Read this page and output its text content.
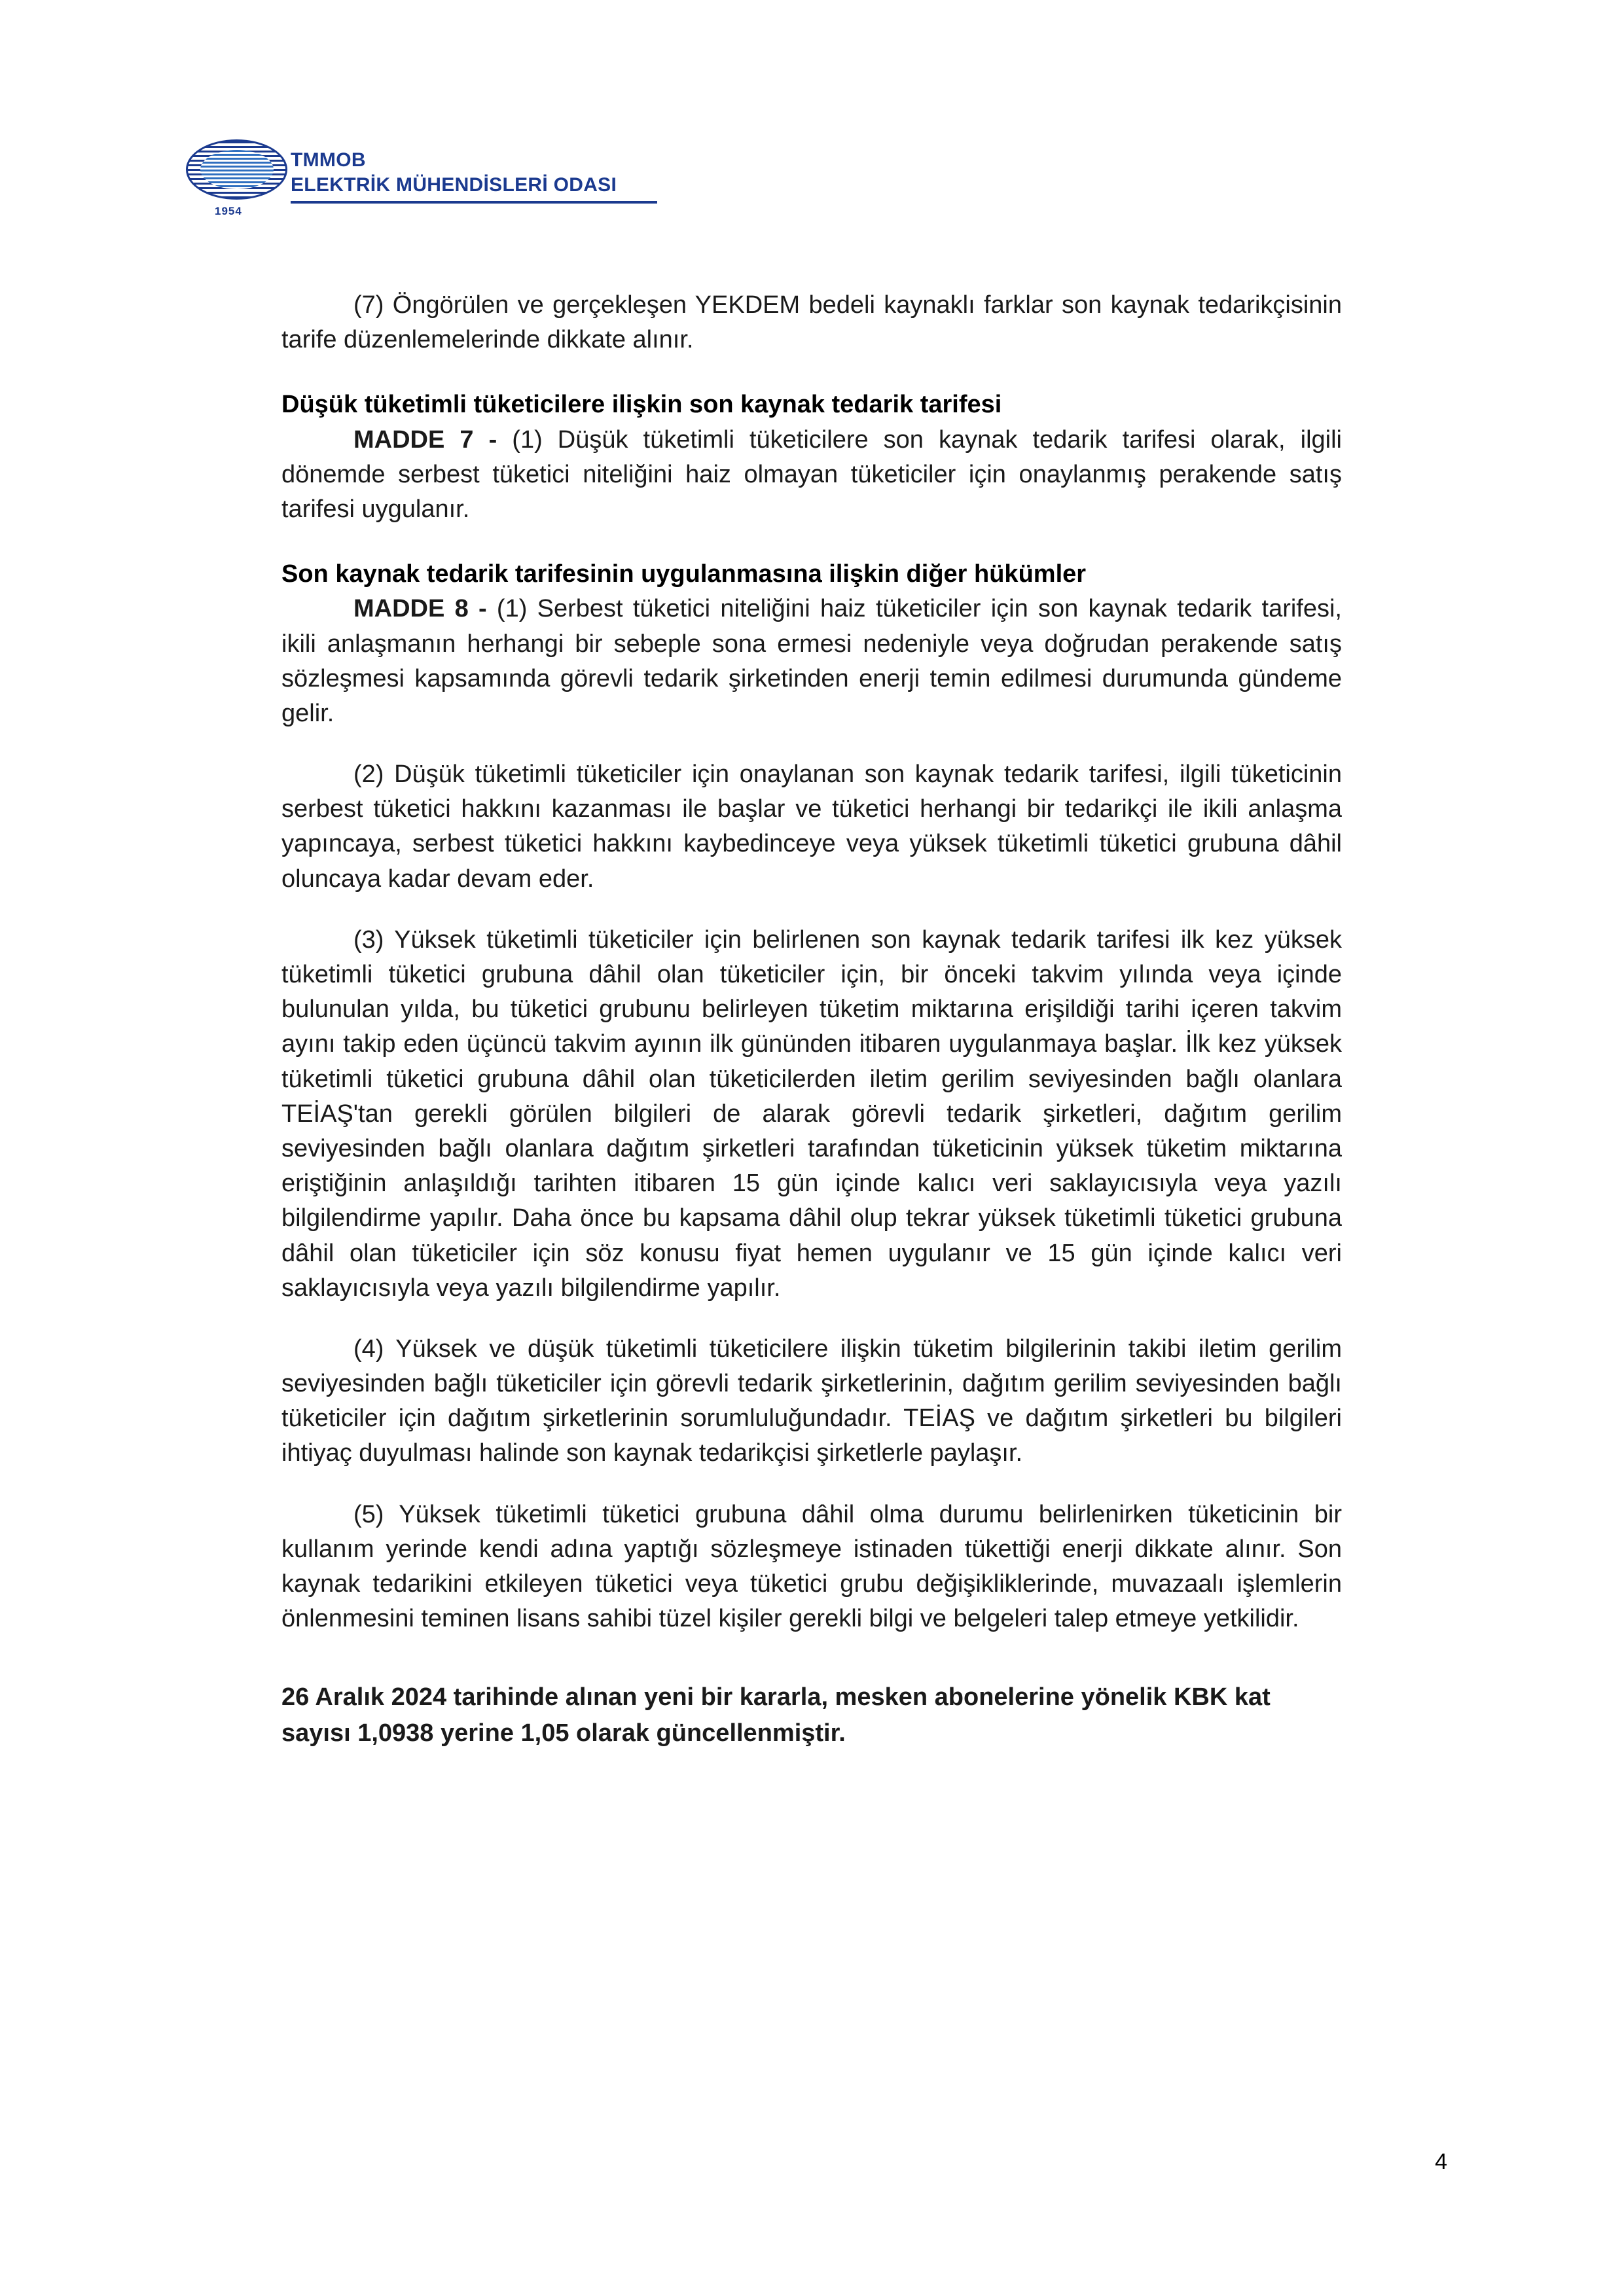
1954
TMMOB
ELEKTRİK MÜHENDİSLERİ ODASI

(7) Öngörülen ve gerçekleşen YEKDEM bedeli kaynaklı farklar son kaynak tedarikçisinin tarife düzenlemelerinde dikkate alınır.

Düşük tüketimli tüketicilere ilişkin son kaynak tedarik tarifesi

MADDE 7 - (1) Düşük tüketimli tüketicilere son kaynak tedarik tarifesi olarak, ilgili dönemde serbest tüketici niteliğini haiz olmayan tüketiciler için onaylanmış perakende satış tarifesi uygulanır.

Son kaynak tedarik tarifesinin uygulanmasına ilişkin diğer hükümler

MADDE 8 - (1) Serbest tüketici niteliğini haiz tüketiciler için son kaynak tedarik tarifesi, ikili anlaşmanın herhangi bir sebeple sona ermesi nedeniyle veya doğrudan perakende satış sözleşmesi kapsamında görevli tedarik şirketinden enerji temin edilmesi durumunda gündeme gelir.

(2) Düşük tüketimli tüketiciler için onaylanan son kaynak tedarik tarifesi, ilgili tüketicinin serbest tüketici hakkını kazanması ile başlar ve tüketici herhangi bir tedarikçi ile ikili anlaşma yapıncaya, serbest tüketici hakkını kaybedinceye veya yüksek tüketimli tüketici grubuna dâhil oluncaya kadar devam eder.

(3) Yüksek tüketimli tüketiciler için belirlenen son kaynak tedarik tarifesi ilk kez yüksek tüketimli tüketici grubuna dâhil olan tüketiciler için, bir önceki takvim yılında veya içinde bulunulan yılda, bu tüketici grubunu belirleyen tüketim miktarına erişildiği tarihi içeren takvim ayını takip eden üçüncü takvim ayının ilk gününden itibaren uygulanmaya başlar. İlk kez yüksek tüketimli tüketici grubuna dâhil olan tüketicilerden iletim gerilim seviyesinden bağlı olanlara TEİAŞ'tan gerekli görülen bilgileri de alarak görevli tedarik şirketleri, dağıtım gerilim seviyesinden bağlı olanlara dağıtım şirketleri tarafından tüketicinin yüksek tüketim miktarına eriştiğinin anlaşıldığı tarihten itibaren 15 gün içinde kalıcı veri saklayıcısıyla veya yazılı bilgilendirme yapılır. Daha önce bu kapsama dâhil olup tekrar yüksek tüketimli tüketici grubuna dâhil olan tüketiciler için söz konusu fiyat hemen uygulanır ve 15 gün içinde kalıcı veri saklayıcısıyla veya yazılı bilgilendirme yapılır.

(4) Yüksek ve düşük tüketimli tüketicilere ilişkin tüketim bilgilerinin takibi iletim gerilim seviyesinden bağlı tüketiciler için görevli tedarik şirketlerinin, dağıtım gerilim seviyesinden bağlı tüketiciler için dağıtım şirketlerinin sorumluluğundadır. TEİAŞ ve dağıtım şirketleri bu bilgileri ihtiyaç duyulması halinde son kaynak tedarikçisi şirketlerle paylaşır.

(5) Yüksek tüketimli tüketici grubuna dâhil olma durumu belirlenirken tüketicinin bir kullanım yerinde kendi adına yaptığı sözleşmeye istinaden tükettiği enerji dikkate alınır. Son kaynak tedarikini etkileyen tüketici veya tüketici grubu değişikliklerinde, muvazaalı işlemlerin önlenmesini teminen lisans sahibi tüzel kişiler gerekli bilgi ve belgeleri talep etmeye yetkilidir.

26 Aralık 2024 tarihinde alınan yeni bir kararla, mesken abonelerine yönelik KBK kat sayısı 1,0938 yerine 1,05 olarak güncellenmiştir.

4
